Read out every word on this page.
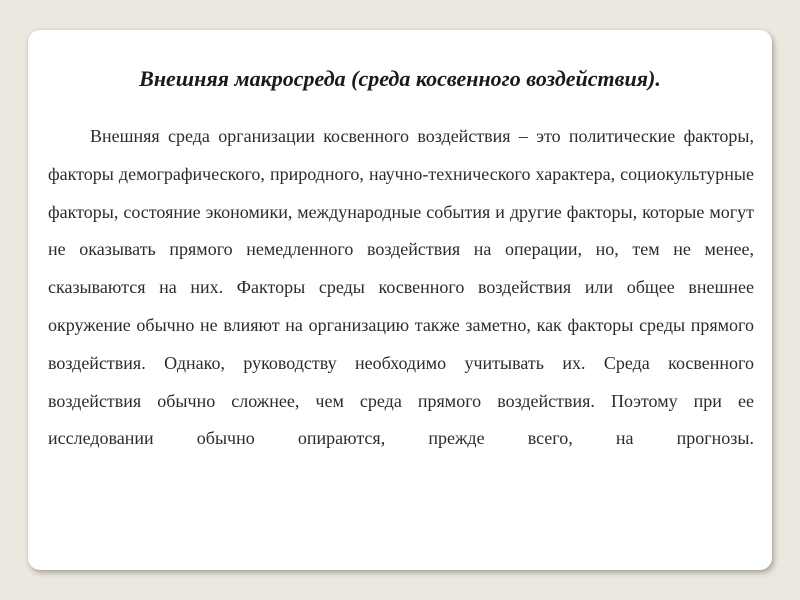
Внешняя макросреда (среда косвенного воздействия).

Внешняя среда организации косвенного воздействия – это политические факторы, факторы демографического, природного, научно-технического характера, социокультурные факторы, состояние экономики, международные события и другие факторы, которые могут не оказывать прямого немедленного воздействия на операции, но, тем не менее, сказываются на них. Факторы среды косвенного воздействия или общее внешнее окружение обычно не влияют на организацию также заметно, как факторы среды прямого воздействия. Однако, руководству необходимо учитывать их. Среда косвенного воздействия обычно сложнее, чем среда прямого воздействия. Поэтому при ее исследовании обычно опираются, прежде всего, на прогнозы.
